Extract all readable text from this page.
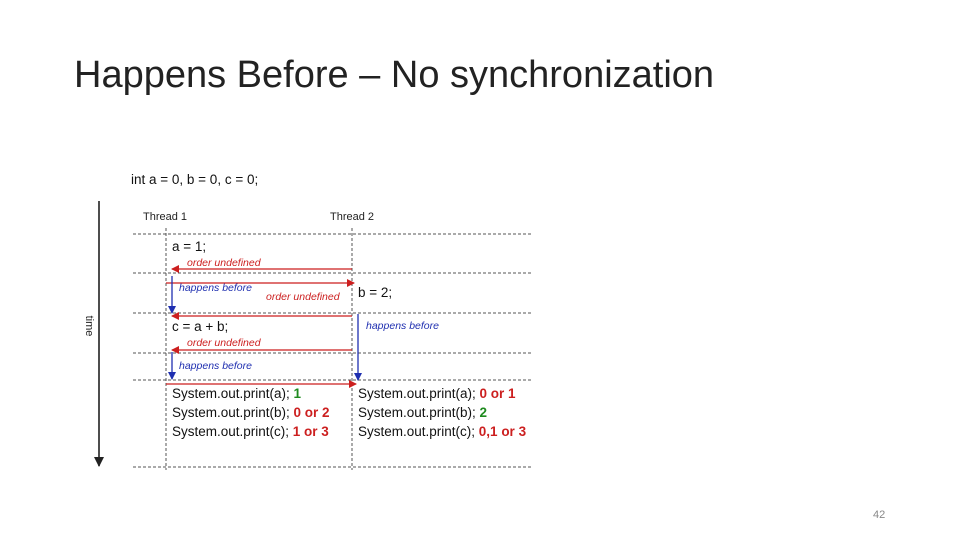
Happens Before – No synchronization
int a = 0, b = 0, c = 0;
time
Thread 1	Thread 2
a = 1;
c = a + b;
b = 2;
order undefined
order undefined
order undefined
happens before
happens before
happens before
System.out.print(a); 1
System.out.print(b); 0 or 2
System.out.print(c); 1 or 3
System.out.print(a); 0 or 1
System.out.print(b); 2
System.out.print(c); 0,1 or 3
42
